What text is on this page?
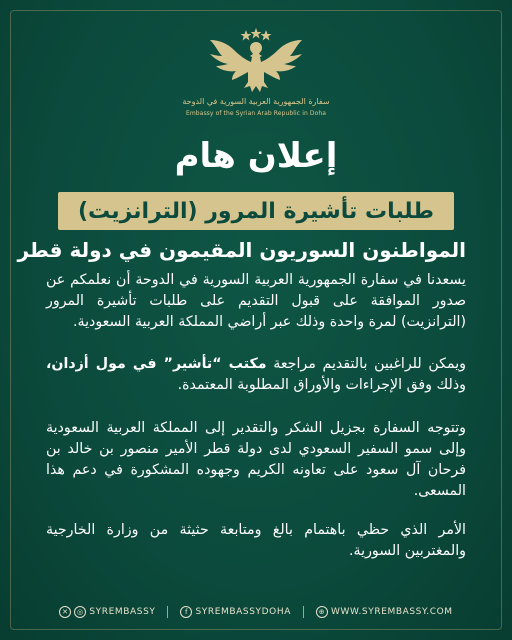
سفارة الجمهورية العربية السورية في الدوحة
Embassy of the Syrian Arab Republic in Doha
إعلان هام
طلبات تأشيرة المرور (الترانزيت)
المواطنون السوريون المقيمون في دولة قطر
يسعدنا في سفارة الجمهورية العربية السورية في الدوحة أن نعلمكم عن صدور الموافقة على قبول التقديم على طلبات تأشيرة المرور (الترانزيت) لمرة واحدة وذلك عبر أراضي المملكة العربية السعودية.
ويمكن للراغبين بالتقديم مراجعة مكتب “تأشير” في مول أزدان، وذلك وفق الإجراءات والأوراق المطلوبة المعتمدة.
وتتوجه السفارة بجزيل الشكر والتقدير إلى المملكة العربية السعودية وإلى سمو السفير السعودي لدى دولة قطر الأمير منصور بن خالد بن فرحان آل سعود على تعاونه الكريم وجهوده المشكورة في دعم هذا المسعى.
الأمر الذي حظي باهتمام بالغ ومتابعة حثيثة من وزارة الخارجية والمغتربين السورية.
✕	◎ SYREMBASSY	f SYREMBASSYDOHA	⊕ WWW.SYREMBASSY.COM
